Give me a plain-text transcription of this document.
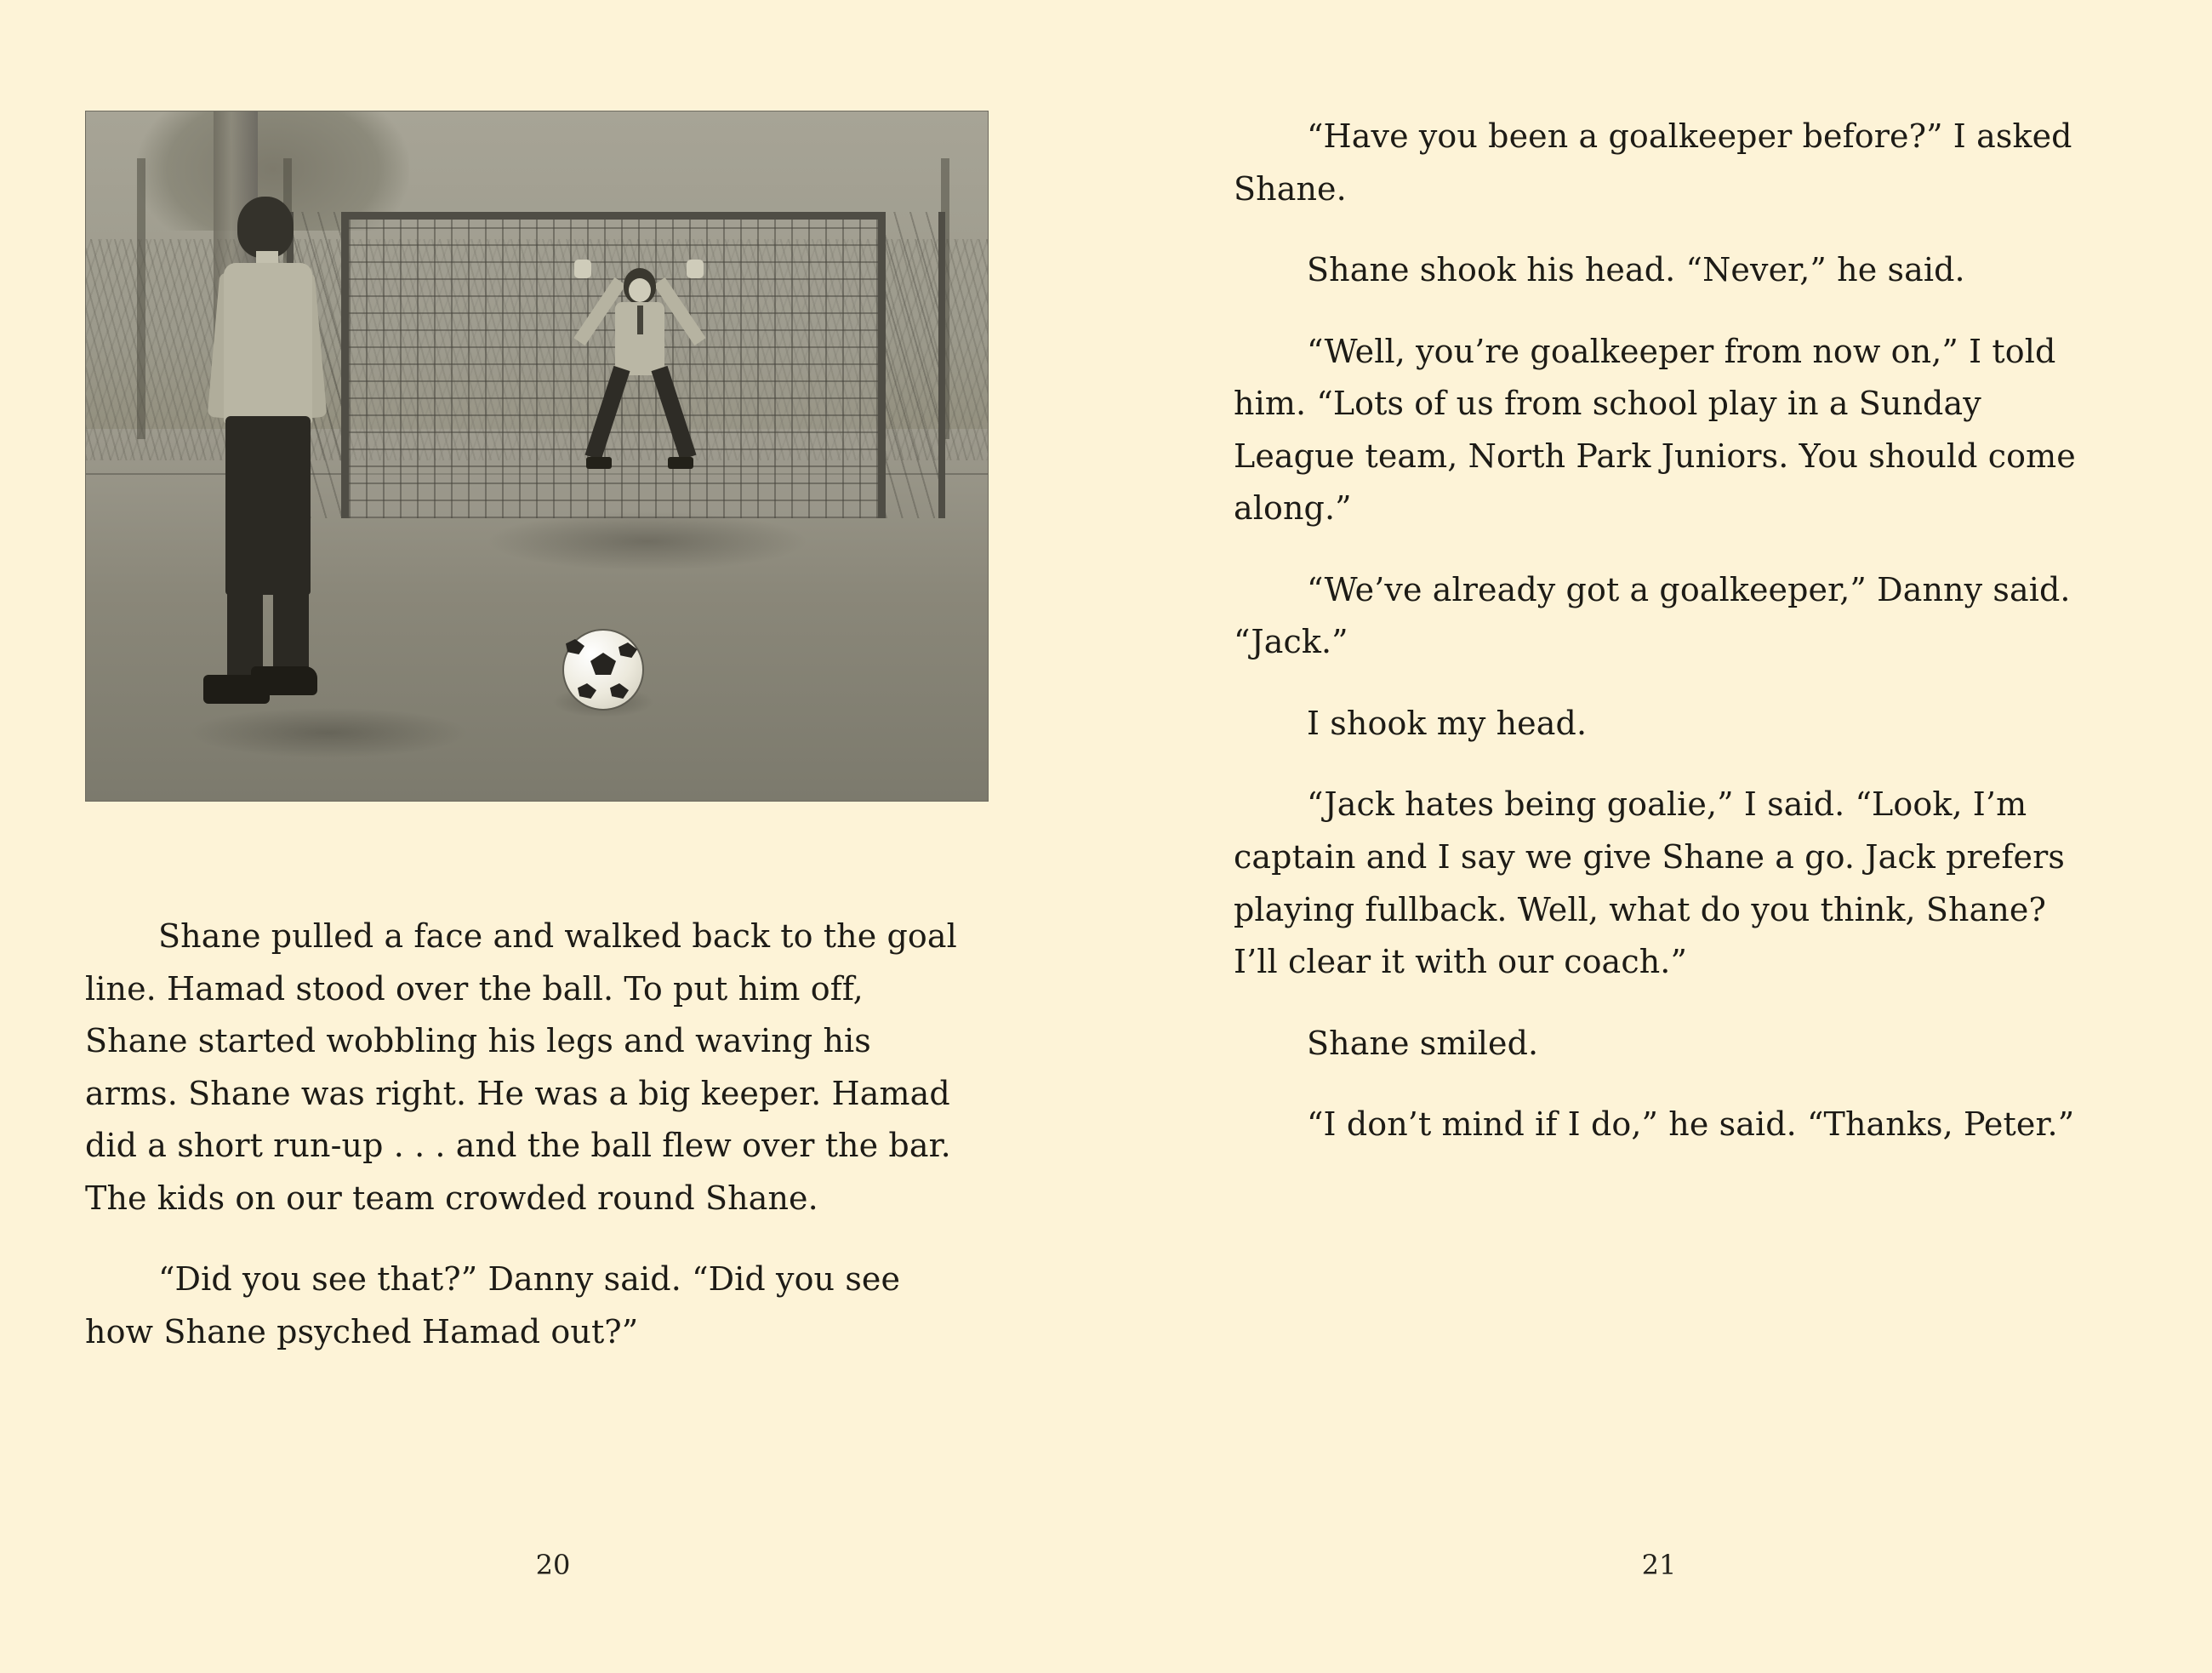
Shane pulled a face and walked back to the goal line. Hamad stood over the ball. To put him off, Shane started wobbling his legs and waving his arms. Shane was right. He was a big keeper. Hamad did a short run-up . . . and the ball flew over the bar. The kids on our team crowded round Shane.

“Did you see that?” Danny said. “Did you see how Shane psyched Hamad out?”

20

“Have you been a goalkeeper before?” I asked Shane.

Shane shook his head. “Never,” he said.

“Well, you’re goalkeeper from now on,” I told him. “Lots of us from school play in a Sunday League team, North Park Juniors. You should come along.”

“We’ve already got a goalkeeper,” Danny said. “Jack.”

I shook my head.

“Jack hates being goalie,” I said. “Look, I’m captain and I say we give Shane a go. Jack prefers playing fullback. Well, what do you think, Shane? I’ll clear it with our coach.”

Shane smiled.

“I don’t mind if I do,” he said. “Thanks, Peter.”

21
